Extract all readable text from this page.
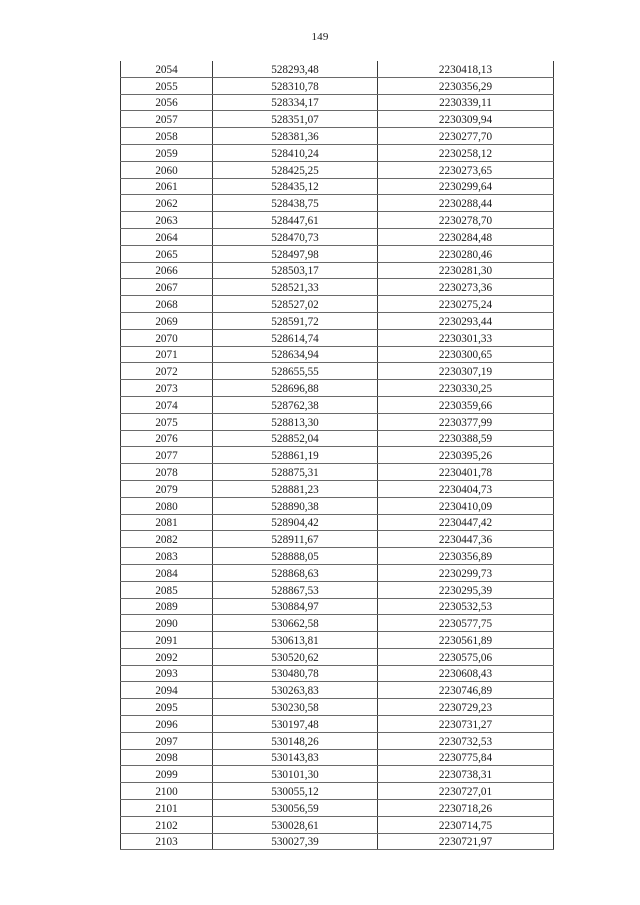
149
2054	528293,48	2230418,13
2055	528310,78	2230356,29
2056	528334,17	2230339,11
2057	528351,07	2230309,94
2058	528381,36	2230277,70
2059	528410,24	2230258,12
2060	528425,25	2230273,65
2061	528435,12	2230299,64
2062	528438,75	2230288,44
2063	528447,61	2230278,70
2064	528470,73	2230284,48
2065	528497,98	2230280,46
2066	528503,17	2230281,30
2067	528521,33	2230273,36
2068	528527,02	2230275,24
2069	528591,72	2230293,44
2070	528614,74	2230301,33
2071	528634,94	2230300,65
2072	528655,55	2230307,19
2073	528696,88	2230330,25
2074	528762,38	2230359,66
2075	528813,30	2230377,99
2076	528852,04	2230388,59
2077	528861,19	2230395,26
2078	528875,31	2230401,78
2079	528881,23	2230404,73
2080	528890,38	2230410,09
2081	528904,42	2230447,42
2082	528911,67	2230447,36
2083	528888,05	2230356,89
2084	528868,63	2230299,73
2085	528867,53	2230295,39
2089	530884,97	2230532,53
2090	530662,58	2230577,75
2091	530613,81	2230561,89
2092	530520,62	2230575,06
2093	530480,78	2230608,43
2094	530263,83	2230746,89
2095	530230,58	2230729,23
2096	530197,48	2230731,27
2097	530148,26	2230732,53
2098	530143,83	2230775,84
2099	530101,30	2230738,31
2100	530055,12	2230727,01
2101	530056,59	2230718,26
2102	530028,61	2230714,75
2103	530027,39	2230721,97
